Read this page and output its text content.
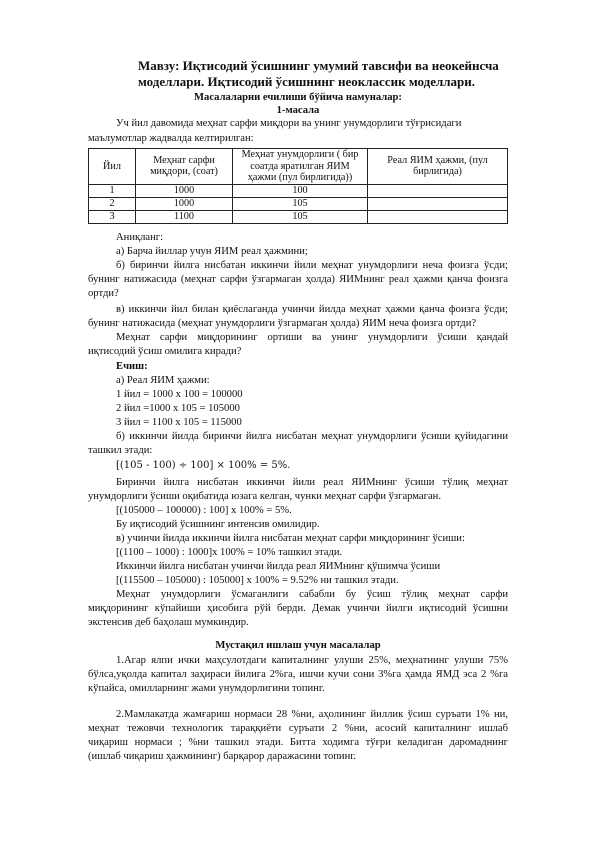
Мавзу: Иқтисодий ўсишнинг умумий тавсифи ва неокейнсча
моделлари. Иқтисодий ўсишнинг неоклассик моделлари.
Масалаларни ечилиши бўйича намуналар:
1-масала
Уч йил давомида меҳнат сарфи миқдори ва унинг унумдорлиги тўғрисидаги
маълумотлар жадвалда келтирилган:
Йил	Меҳнат сарфи миқдори, (соат)	Меҳнат унумдорлиги ( бир соатда яратилган ЯИМ ҳажми (пул бирлигида))	Реал ЯИМ ҳажми, (пул бирлигида)
1	1000	100	
2	1000	105	
3	1100	105	
Аниқланг:
а) Барча йиллар учун ЯИМ реал ҳажмини;
б) биринчи йилга нисбатан иккинчи йили меҳнат унумдорлиги неча фоизга ўсди;
бунинг натижасида (меҳнат сарфи ўзгармаган ҳолда) ЯИМнинг реал ҳажми қанча фоизга
ортди?
в) иккинчи йил билан қиёслаганда учинчи йилда меҳнат ҳажми қанча фоизга ўсди;
бунинг натижасида (меҳнат унумдорлиги ўзгармаган ҳолда) ЯИМ неча фоизга ортди?
Меҳнат сарфи миқдорининг ортиши ва унинг унумдорлиги ўсиши қандай
иқтисодий ўсиш омилига киради?
Ечиш:
а) Реал ЯИМ ҳажми:
1 йил = 1000 х 100 = 100000
2 йил =1000 х 105 = 105000
3 йил = 1100 х 105 = 115000
б) иккинчи йилда биринчи йилга нисбатан меҳнат унумдорлиги ўсиши қуйидагини
ташкил этади:
[(105 - 100) ÷ 100] × 100% = 5%.
Биринчи йилга нисбатан иккинчи йили реал ЯИМнинг ўсиши тўлиқ меҳнат
унумдорлиги ўсиши оқибатида юзага келган, чунки меҳнат сарфи ўзгармаган.
[(105000 – 100000) : 100] х 100% = 5%.
Бу иқтисодий ўсишнинг интенсив омилидир.
в) учинчи йилда иккинчи йилга нисбатан меҳнат сарфи миқдорининг ўсиши:
[(1100 – 1000) : 1000]х 100% = 10% ташкил этади.
Иккинчи йилга нисбатан учинчи йилда реал ЯИМнинг қўшимча ўсиши
[(115500 – 105000) : 105000] х 100% = 9.52% ни ташкил этади.
Меҳнат унумдорлиги ўсмаганлиги сабабли бу ўсиш тўлиқ меҳнат сарфи
миқдорининг кўпайиши ҳисобига рўй берди. Демак учинчи йилги иқтисодий ўсишни
экстенсив деб баҳолаш мумкиндир.
Мустақил ишлаш учун масалалар
1.Агар ялпи ички маҳсулотдаги капиталнинг улуши 25%, меҳнатнинг улуши 75%
бўлса,уқолда капитал заҳираси йилига 2%га, ишчи кучи сони 3%га ҳамда ЯМД эса 2 %га
кўпайса, омилларнинг жами унумдорлигини топинг.
2.Мамлакатда жамғариш нормаси 28 %ни, аҳолининг йиллик ўсиш суръати 1% ни,
меҳнат тежовчи технологик тараққиёти суръати 2 %ни, асосий капиталнинг ишлаб
чиқариш нормаси ; %ни ташкил этади. Битта ходимга тўғри келадиган даромаднинг
(ишлаб чиқариш ҳажмининг) барқарор даражасини топинг.
